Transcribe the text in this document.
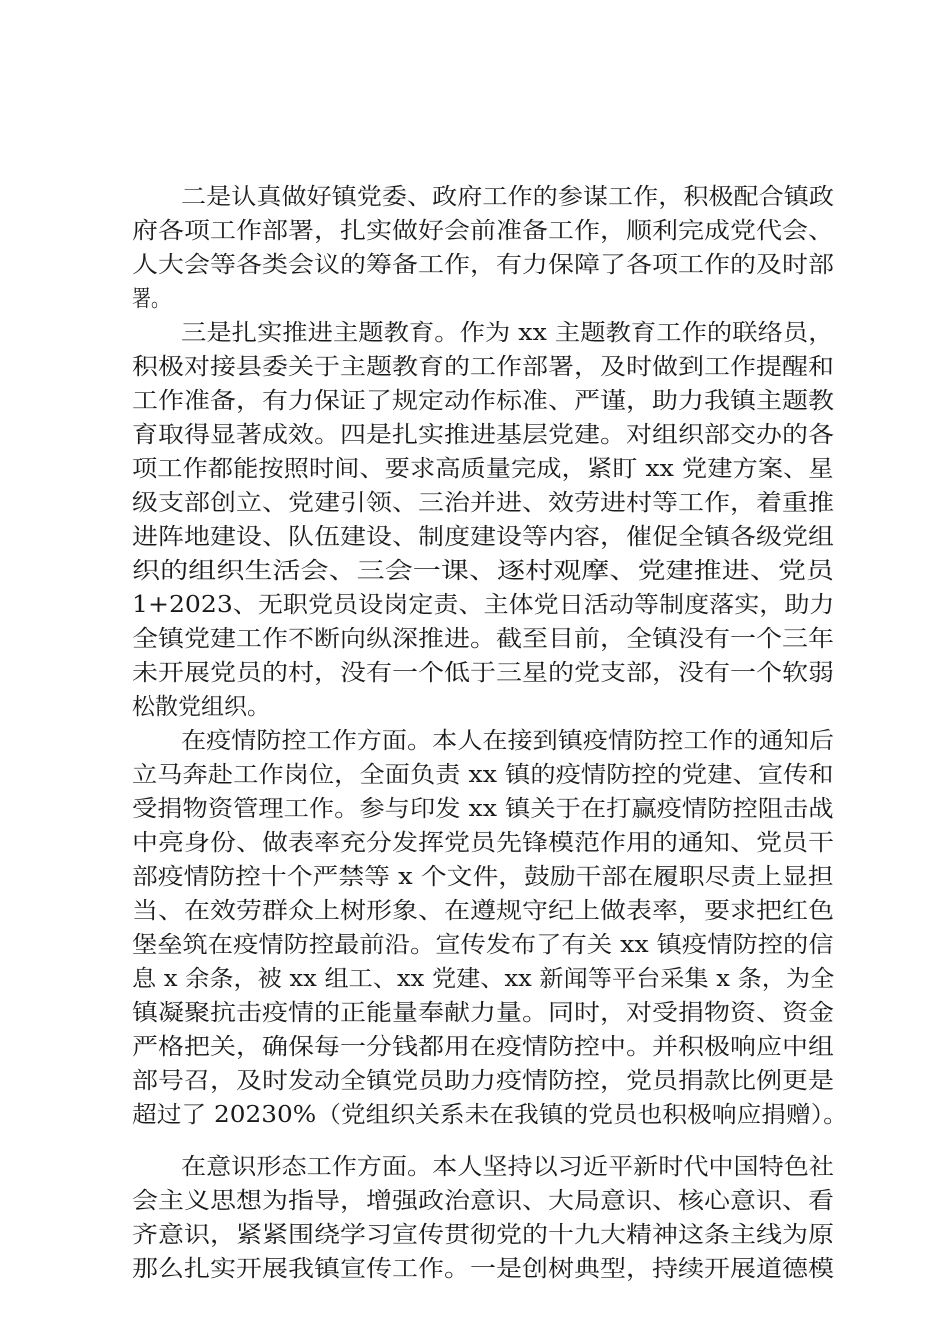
二是认真做好镇党委、政府工作的参谋工作，积极配合镇政
府各项工作部署，扎实做好会前准备工作，顺利完成党代会、
人大会等各类会议的筹备工作，有力保障了各项工作的及时部
署。
三是扎实推进主题教育。作为 xx 主题教育工作的联络员，
积极对接县委关于主题教育的工作部署，及时做到工作提醒和
工作准备，有力保证了规定动作标准、严谨，助力我镇主题教
育取得显著成效。四是扎实推进基层党建。对组织部交办的各
项工作都能按照时间、要求高质量完成，紧盯 xx 党建方案、星
级支部创立、党建引领、三治并进、效劳进村等工作，着重推
进阵地建设、队伍建设、制度建设等内容，催促全镇各级党组
织的组织生活会、三会一课、逐村观摩、党建推进、党员
1+2023、无职党员设岗定责、主体党日活动等制度落实，助力
全镇党建工作不断向纵深推进。截至目前，全镇没有一个三年
未开展党员的村，没有一个低于三星的党支部，没有一个软弱
松散党组织。
在疫情防控工作方面。本人在接到镇疫情防控工作的通知后
立马奔赴工作岗位，全面负责 xx 镇的疫情防控的党建、宣传和
受捐物资管理工作。参与印发 xx 镇关于在打赢疫情防控阻击战
中亮身份、做表率充分发挥党员先锋模范作用的通知、党员干
部疫情防控十个严禁等 x 个文件，鼓励干部在履职尽责上显担
当、在效劳群众上树形象、在遵规守纪上做表率，要求把红色
堡垒筑在疫情防控最前沿。宣传发布了有关 xx 镇疫情防控的信
息 x 余条，被 xx 组工、xx 党建、xx 新闻等平台采集 x 条，为全
镇凝聚抗击疫情的正能量奉献力量。同时，对受捐物资、资金
严格把关，确保每一分钱都用在疫情防控中。并积极响应中组
部号召，及时发动全镇党员助力疫情防控，党员捐款比例更是
超过了 20230%（党组织关系未在我镇的党员也积极响应捐赠）。
在意识形态工作方面。本人坚持以习近平新时代中国特色社
会主义思想为指导，增强政治意识、大局意识、核心意识、看
齐意识，紧紧围绕学习宣传贯彻党的十九大精神这条主线为原
那么扎实开展我镇宣传工作。一是创树典型，持续开展道德模
